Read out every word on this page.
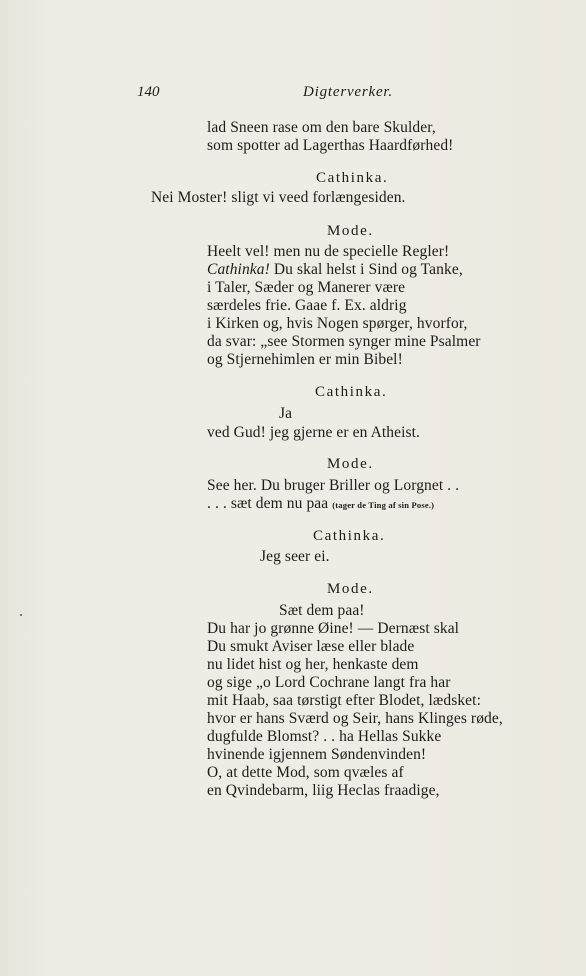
140	Digterverker.
lad Sneen rase om den bare Skulder,
som spotter ad Lagerthas Haardførhed!
Cathinka.
Nei Moster! sligt vi veed forlængesiden.
Mode.
Heelt vel! men nu de specielle Regler!
Cathinka! Du skal helst i Sind og Tanke,
i Taler, Sæder og Manerer være
særdeles frie. Gaae f. Ex. aldrig
i Kirken og, hvis Nogen spørger, hvorfor,
da svar: „see Stormen synger mine Psalmer
og Stjernehimlen er min Bibel!
Cathinka.
Ja
ved Gud! jeg gjerne er en Atheist.
Mode.
See her. Du bruger Briller og Lorgnet . .
. . . sæt dem nu paa (tager de Ting af sin Pose.)
Cathinka.
Jeg seer ei.
Mode.
Sæt dem paa!
Du har jo grønne Øine! — Dernæst skal
Du smukt Aviser læse eller blade
nu lidet hist og her, henkaste dem
og sige „o Lord Cochrane langt fra har
mit Haab, saa tørstigt efter Blodet, lædsket:
hvor er hans Sværd og Seir, hans Klinges røde,
dugfulde Blomst? . . ha Hellas Sukke
hvinende igjennem Søndenvinden!
O, at dette Mod, som qvæles af
en Qvindebarm, liig Heclas fraadige,
